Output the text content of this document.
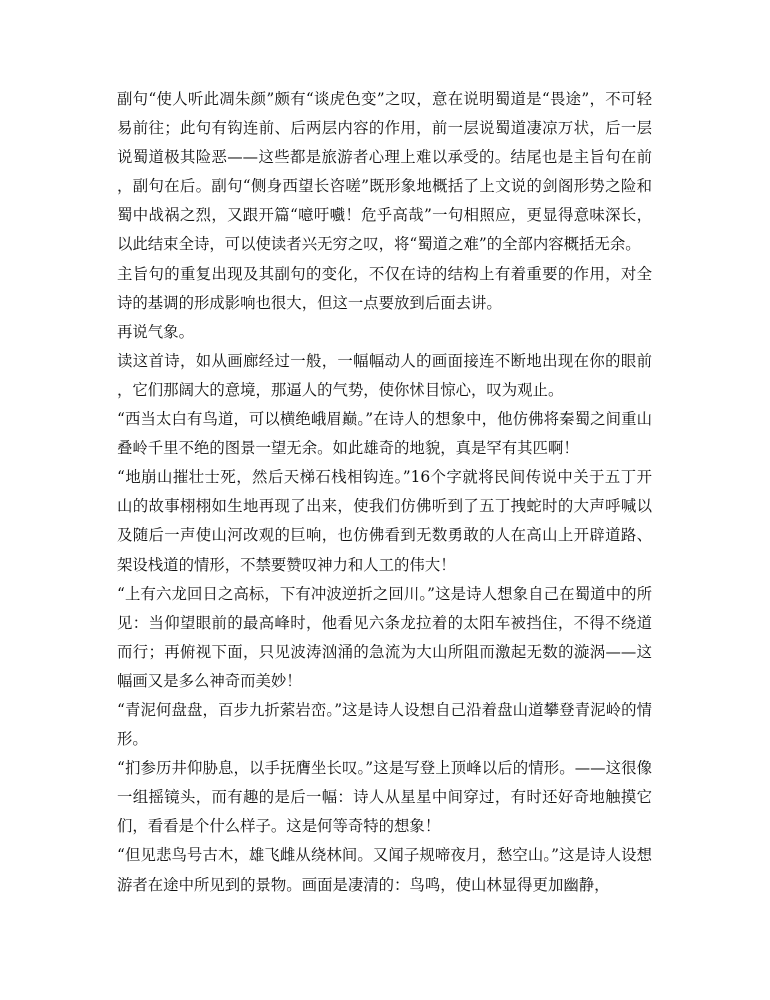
副句“使人听此凋朱颜”颇有“谈虎色变”之叹，意在说明蜀道是“畏途”，不可轻易前往；此句有钩连前、后两层内容的作用，前一层说蜀道凄凉万状，后一层说蜀道极其险恶——这些都是旅游者心理上难以承受的。结尾也是主旨句在前，副句在后。副句“侧身西望长咨嗟”既形象地概括了上文说的剑阁形势之险和蜀中战祸之烈，又跟开篇“噫吁嚱！危乎高哉”一句相照应，更显得意味深长，以此结束全诗，可以使读者兴无穷之叹，将“蜀道之难”的全部内容概括无余。

主旨句的重复出现及其副句的变化，不仅在诗的结构上有着重要的作用，对全诗的基调的形成影响也很大，但这一点要放到后面去讲。

再说气象。

读这首诗，如从画廊经过一般，一幅幅动人的画面接连不断地出现在你的眼前，它们那阔大的意境，那逼人的气势，使你怵目惊心，叹为观止。

“西当太白有鸟道，可以横绝峨眉巅。”在诗人的想象中，他仿佛将秦蜀之间重山叠岭千里不绝的图景一望无余。如此雄奇的地貌，真是罕有其匹啊！

“地崩山摧壮士死，然后天梯石栈相钩连。”16个字就将民间传说中关于五丁开山的故事栩栩如生地再现了出来，使我们仿佛听到了五丁拽蛇时的大声呼喊以及随后一声使山河改观的巨响，也仿佛看到无数勇敢的人在高山上开辟道路、架设栈道的情形，不禁要赞叹神力和人工的伟大！

“上有六龙回日之高标，下有冲波逆折之回川。”这是诗人想象自己在蜀道中的所见：当仰望眼前的最高峰时，他看见六条龙拉着的太阳车被挡住，不得不绕道而行；再俯视下面，只见波涛汹涌的急流为大山所阻而激起无数的漩涡——这幅画又是多么神奇而美妙！

“青泥何盘盘，百步九折萦岩峦。”这是诗人设想自己沿着盘山道攀登青泥岭的情形。

“扪参历井仰胁息，以手抚膺坐长叹。”这是写登上顶峰以后的情形。——这很像一组摇镜头，而有趣的是后一幅：诗人从星星中间穿过，有时还好奇地触摸它们，看看是个什么样子。这是何等奇特的想象！

“但见悲鸟号古木，雄飞雌从绕林间。又闻子规啼夜月，愁空山。”这是诗人设想游者在途中所见到的景物。画面是凄清的：鸟鸣，使山林显得更加幽静，
